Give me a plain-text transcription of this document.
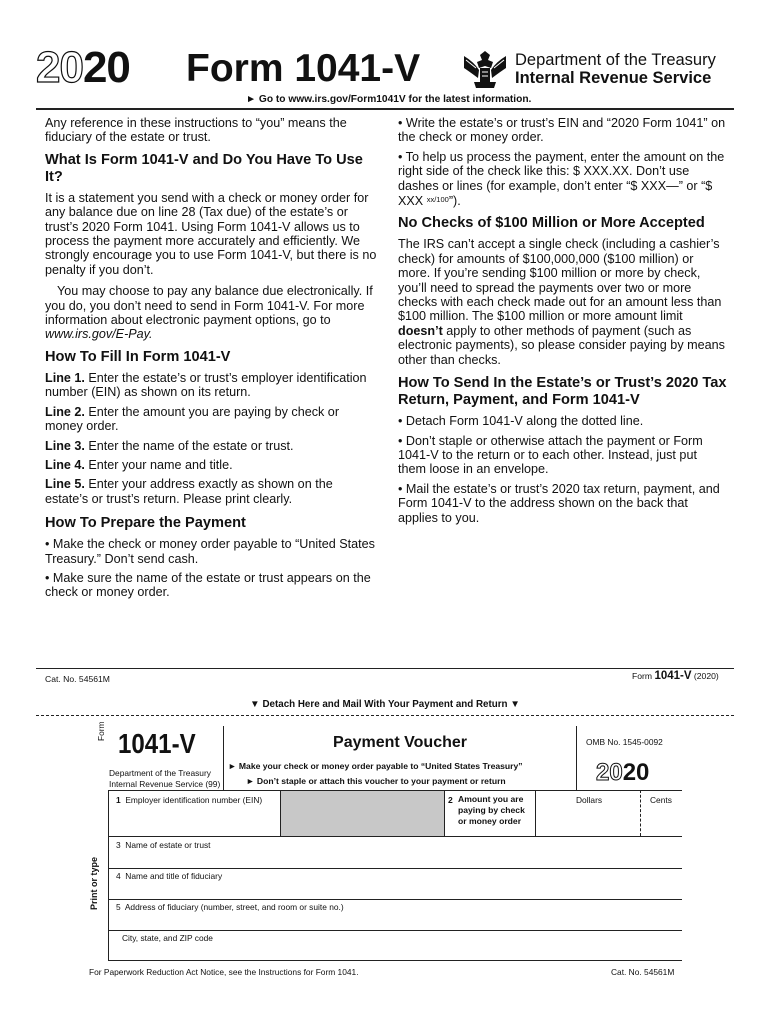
2020 Form 1041-V	Department of the Treasury
Internal Revenue Service
► Go to www.irs.gov/Form1041V for the latest information.

Any reference in these instructions to “you” means the fiduciary of the estate or trust.

What Is Form 1041-V and Do You Have To Use It?

It is a statement you send with a check or money order for any balance due on line 28 (Tax due) of the estate’s or trust’s 2020 Form 1041. Using Form 1041-V allows us to process the payment more accurately and efficiently. We strongly encourage you to use Form 1041-V, but there is no penalty if you don’t.

You may choose to pay any balance due electronically. If you do, you don’t need to send in Form 1041-V. For more information about electronic payment options, go to www.irs.gov/E-Pay.

How To Fill In Form 1041-V

Line 1. Enter the estate’s or trust’s employer identification number (EIN) as shown on its return.

Line 2. Enter the amount you are paying by check or money order.

Line 3. Enter the name of the estate or trust.

Line 4. Enter your name and title.

Line 5. Enter your address exactly as shown on the estate’s or trust’s return. Please print clearly.

How To Prepare the Payment

• Make the check or money order payable to “United States Treasury.” Don’t send cash.

• Make sure the name of the estate or trust appears on the check or money order.

• Write the estate’s or trust’s EIN and “2020 Form 1041” on the check or money order.

• To help us process the payment, enter the amount on the right side of the check like this: $ XXX.XX. Don’t use dashes or lines (for example, don’t enter “$ XXX—” or “$ XXX $^{xx/100}$”).

No Checks of $100 Million or More Accepted

The IRS can’t accept a single check (including a cashier’s check) for amounts of $100,000,000 ($100 million) or more. If you’re sending $100 million or more by check, you’ll need to spread the payments over two or more checks with each check made out for an amount less than $100 million. The $100 million or more amount limit doesn’t apply to other methods of payment (such as electronic payments), so please consider paying by means other than checks.

How To Send In the Estate’s or Trust’s 2020 Tax Return, Payment, and Form 1041-V

• Detach Form 1041-V along the dotted line.

• Don’t staple or otherwise attach the payment or Form 1041-V to the return or to each other. Instead, just put them loose in an envelope.

• Mail the estate’s or trust’s 2020 tax return, payment, and Form 1041-V to the address shown on the back that applies to you.

Cat. No. 54561M	Form 1041-V (2020)
▼ Detach Here and Mail With Your Payment and Return ▼
Form 1041-V
Department of the Treasury
Internal Revenue Service (99)
Payment Voucher
► Make your check or money order payable to “United States Treasury”
► Don’t staple or attach this voucher to your payment or return
OMB No. 1545-0092
2020
1 Employer identification number (EIN)	2 Amount you are
paying by check
or money order
Dollars	Cents
Print or type
3  Name of estate or trust
4  Name and title of fiduciary
5  Address of fiduciary (number, street, and room or suite no.)
City, state, and ZIP code
For Paperwork Reduction Act Notice, see the Instructions for Form 1041.	Cat. No. 54561M
